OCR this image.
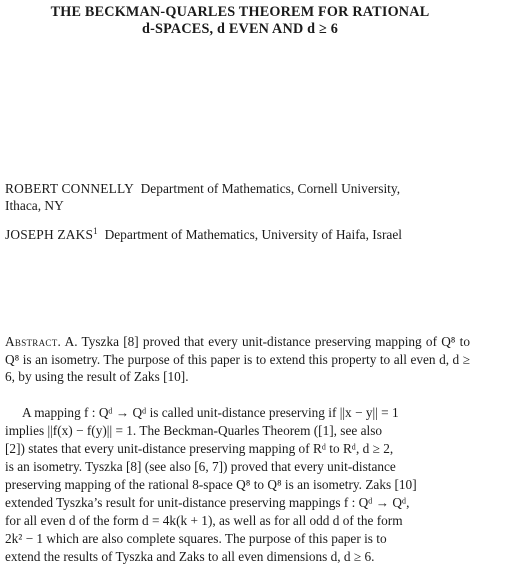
THE BECKMAN-QUARLES THEOREM FOR RATIONAL
d-SPACES, d EVEN AND d ≥ 6
ROBERT CONNELLY Department of Mathematics, Cornell University,
Ithaca, NY
JOSEPH ZAKS$^1$ Department of Mathematics, University of Haifa, Israel
Abstract. A. Tyszka [8] proved that every unit-distance preserving mapping of Q⁸ to Q⁸ is an isometry. The purpose of this paper is to extend this property to all even d, d ≥ 6, by using the result of Zaks [10].
A mapping f : Qᵈ → Qᵈ is called unit-distance preserving if ||x − y|| = 1
implies ||f(x) − f(y)|| = 1. The Beckman-Quarles Theorem ([1], see also
[2]) states that every unit-distance preserving mapping of Rᵈ to Rᵈ, d ≥ 2,
is an isometry. Tyszka [8] (see also [6, 7]) proved that every unit-distance
preserving mapping of the rational 8-space Q⁸ to Q⁸ is an isometry. Zaks [10]
extended Tyszka’s result for unit-distance preserving mappings f : Qᵈ → Qᵈ,
for all even d of the form d = 4k(k + 1), as well as for all odd d of the form
2k² − 1 which are also complete squares. The purpose of this paper is to
extend the results of Tyszka and Zaks to all even dimensions d, d ≥ 6.
